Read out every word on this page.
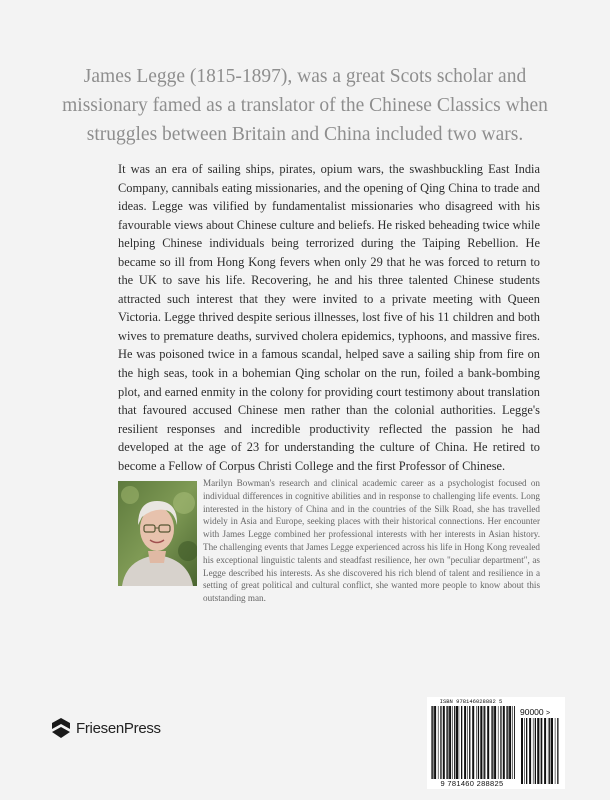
James Legge (1815-1897), was a great Scots scholar and missionary famed as a translator of the Chinese Classics when struggles between Britain and China included two wars.

It was an era of sailing ships, pirates, opium wars, the swashbuckling East India Company, cannibals eating missionaries, and the opening of Qing China to trade and ideas. Legge was vilified by fundamentalist missionaries who disagreed with his favourable views about Chinese culture and beliefs. He risked beheading twice while helping Chinese individuals being terrorized during the Taiping Rebellion. He became so ill from Hong Kong fevers when only 29 that he was forced to return to the UK to save his life. Recovering, he and his three talented Chinese students attracted such interest that they were invited to a private meeting with Queen Victoria. Legge thrived despite serious illnesses, lost five of his 11 children and both wives to premature deaths, survived cholera epidemics, typhoons, and massive fires. He was poisoned twice in a famous scandal, helped save a sailing ship from fire on the high seas, took in a bohemian Qing scholar on the run, foiled a bank-bombing plot, and earned enmity in the colony for providing court testimony about translation that favoured accused Chinese men rather than the colonial authorities. Legge's resilient responses and incredible productivity reflected the passion he had developed at the age of 23 for understanding the culture of China. He retired to become a Fellow of Corpus Christi College and the first Professor of Chinese.

Marilyn Bowman's research and clinical academic career as a psychologist focused on individual differences in cognitive abilities and in response to challenging life events. Long interested in the history of China and in the countries of the Silk Road, she has travelled widely in Asia and Europe, seeking places with their historical connections. Her encounter with James Legge combined her professional interests with her interests in Asian history. The challenging events that James Legge experienced across his life in Hong Kong revealed his exceptional linguistic talents and steadfast resilience, her own "peculiar department", as Legge described his interests. As she discovered his rich blend of talent and resilience in a setting of great political and cultural conflict, she wanted more people to know about this outstanding man.

FriesenPress
ISBN 978146028882 5
90000 >
9 781460 288825
